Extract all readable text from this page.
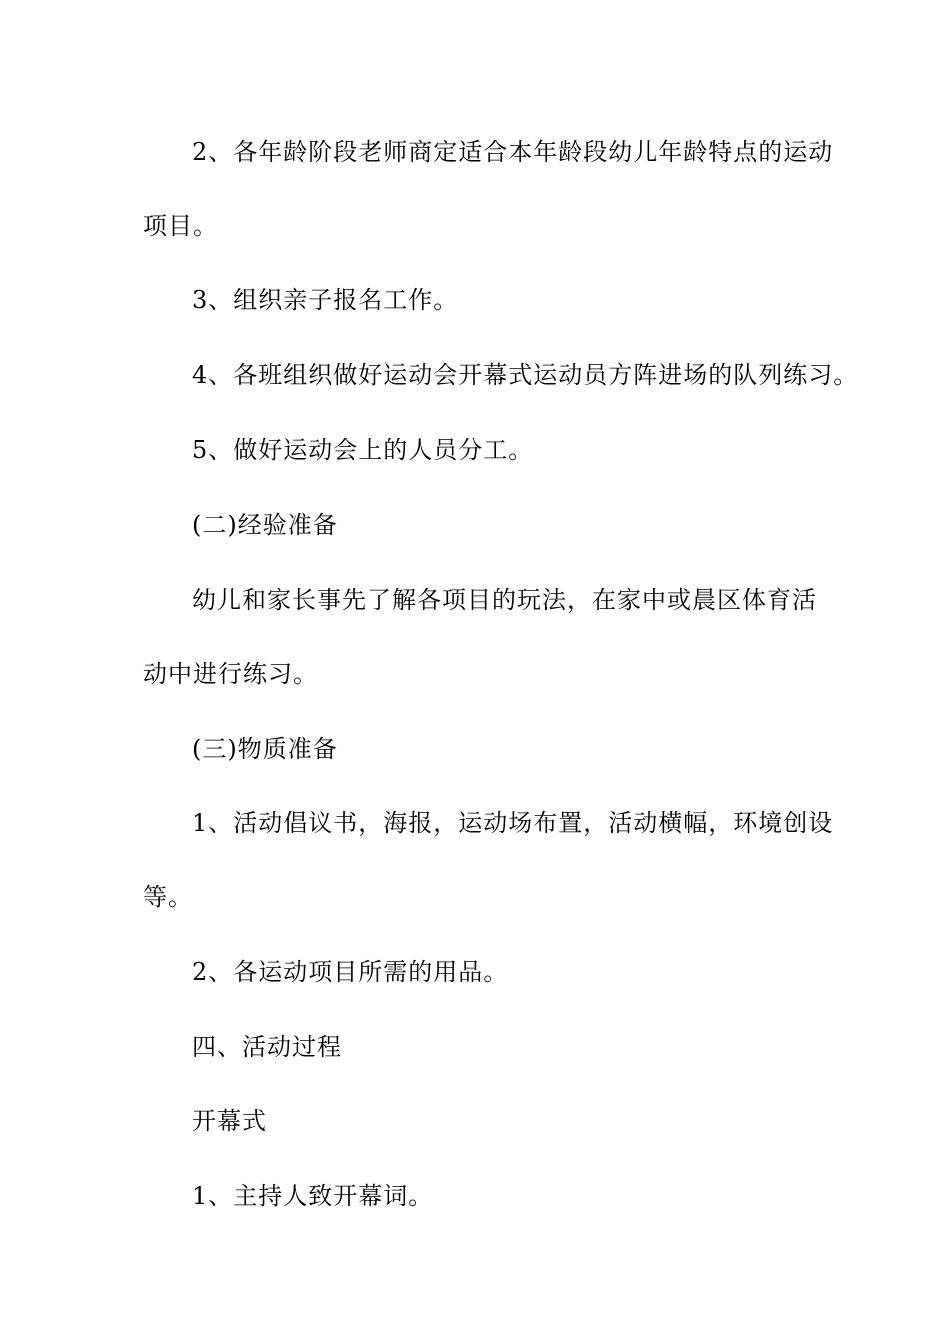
2、各年龄阶段老师商定适合本年龄段幼儿年龄特点的运动
项目。
3、组织亲子报名工作。
4、各班组织做好运动会开幕式运动员方阵进场的队列练习。
5、做好运动会上的人员分工。
(二)经验准备
幼儿和家长事先了解各项目的玩法，在家中或晨区体育活
动中进行练习。
(三)物质准备
1、活动倡议书，海报，运动场布置，活动横幅，环境创设
等。
2、各运动项目所需的用品。
四、活动过程
开幕式
1、主持人致开幕词。
